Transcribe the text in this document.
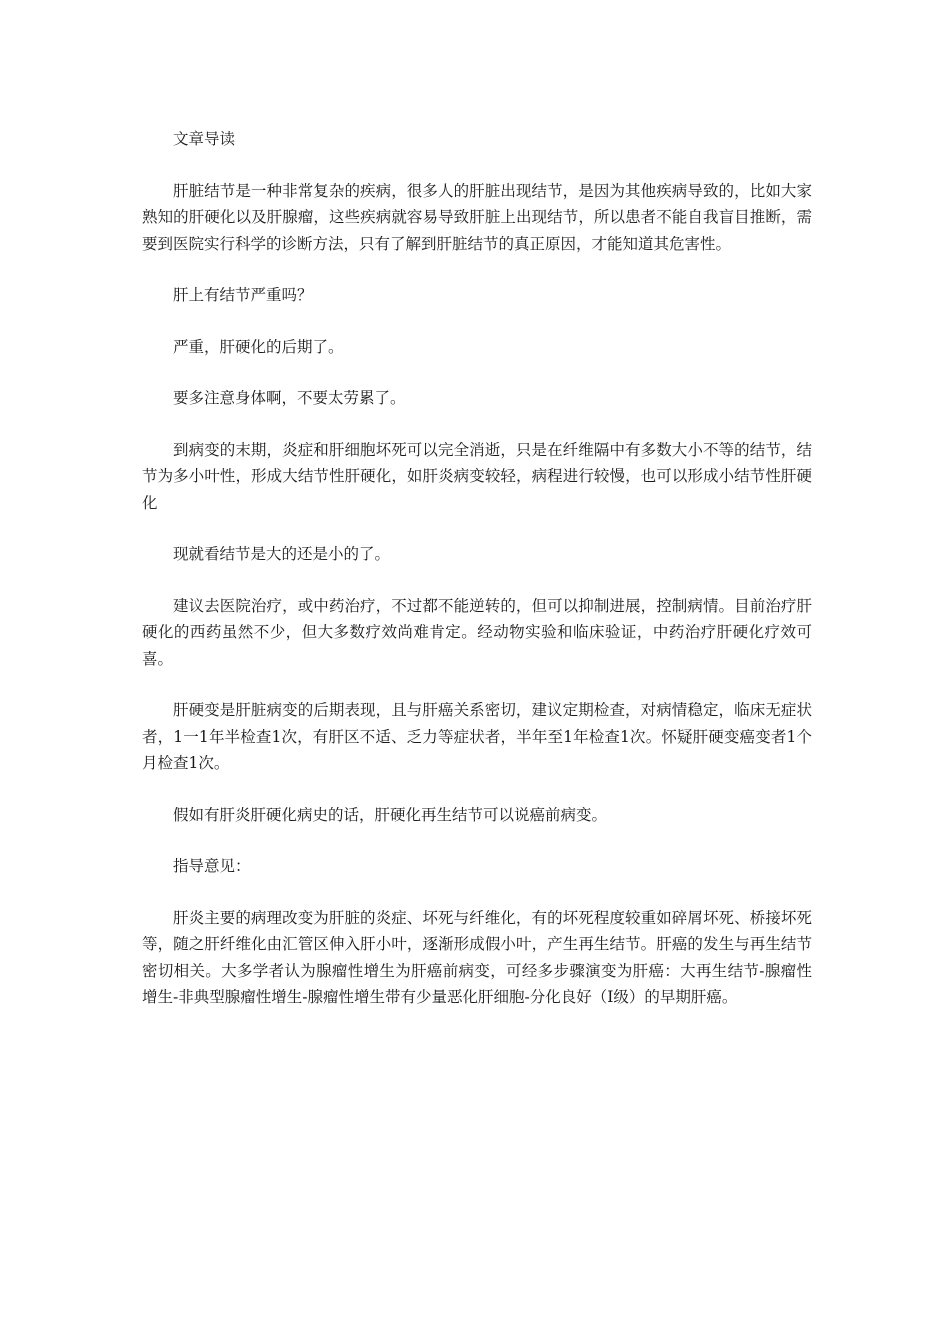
文章导读

肝脏结节是一种非常复杂的疾病，很多人的肝脏出现结节，是因为其他疾病导致的，比如大家熟知的肝硬化以及肝腺瘤，这些疾病就容易导致肝脏上出现结节，所以患者不能自我盲目推断，需要到医院实行科学的诊断方法，只有了解到肝脏结节的真正原因，才能知道其危害性。

肝上有结节严重吗？

严重，肝硬化的后期了。

要多注意身体啊，不要太劳累了。

到病变的末期，炎症和肝细胞坏死可以完全消逝，只是在纤维隔中有多数大小不等的结节，结节为多小叶性，形成大结节性肝硬化，如肝炎病变较轻，病程进行较慢，也可以形成小结节性肝硬化

现就看结节是大的还是小的了。

建议去医院治疗，或中药治疗，不过都不能逆转的，但可以抑制进展，控制病情。目前治疗肝硬化的西药虽然不少，但大多数疗效尚难肯定。经动物实验和临床验证，中药治疗肝硬化疗效可喜。

肝硬变是肝脏病变的后期表现，且与肝癌关系密切，建议定期检查，对病情稳定，临床无症状者，1一1年半检查1次，有肝区不适、乏力等症状者，半年至1年检查1次。怀疑肝硬变癌变者1个月检查1次。

假如有肝炎肝硬化病史的话，肝硬化再生结节可以说癌前病变。

指导意见：

肝炎主要的病理改变为肝脏的炎症、坏死与纤维化，有的坏死程度较重如碎屑坏死、桥接坏死等，随之肝纤维化由汇管区伸入肝小叶，逐渐形成假小叶，产生再生结节。肝癌的发生与再生结节密切相关。大多学者认为腺瘤性增生为肝癌前病变，可经多步骤演变为肝癌：大再生结节-腺瘤性增生-非典型腺瘤性增生-腺瘤性增生带有少量恶化肝细胞-分化良好（I级）的早期肝癌。
